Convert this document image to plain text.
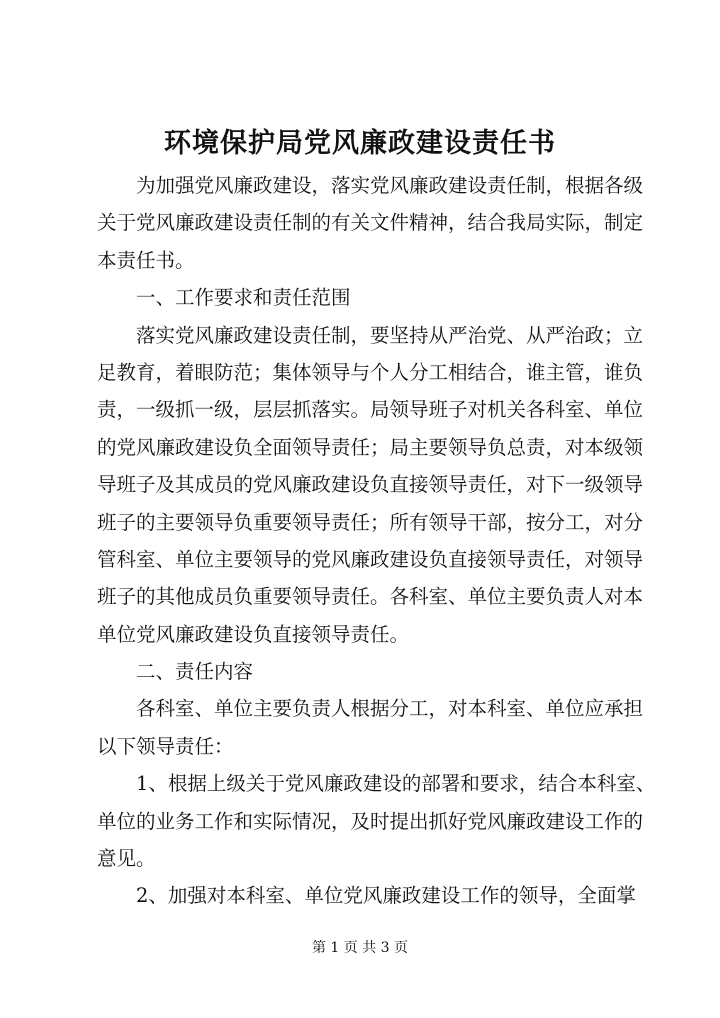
环境保护局党风廉政建设责任书
为加强党风廉政建设，落实党风廉政建设责任制，根据各级
关于党风廉政建设责任制的有关文件精神，结合我局实际，制定
本责任书。
一、工作要求和责任范围
落实党风廉政建设责任制，要坚持从严治党、从严治政；立
足教育，着眼防范；集体领导与个人分工相结合，谁主管，谁负
责，一级抓一级，层层抓落实。局领导班子对机关各科室、单位
的党风廉政建设负全面领导责任；局主要领导负总责，对本级领
导班子及其成员的党风廉政建设负直接领导责任，对下一级领导
班子的主要领导负重要领导责任；所有领导干部，按分工，对分
管科室、单位主要领导的党风廉政建设负直接领导责任，对领导
班子的其他成员负重要领导责任。各科室、单位主要负责人对本
单位党风廉政建设负直接领导责任。
二、责任内容
各科室、单位主要负责人根据分工，对本科室、单位应承担
以下领导责任：
1、根据上级关于党风廉政建设的部署和要求，结合本科室、
单位的业务工作和实际情况，及时提出抓好党风廉政建设工作的
意见。
2、加强对本科室、单位党风廉政建设工作的领导，全面掌
第 1 页 共 3 页
